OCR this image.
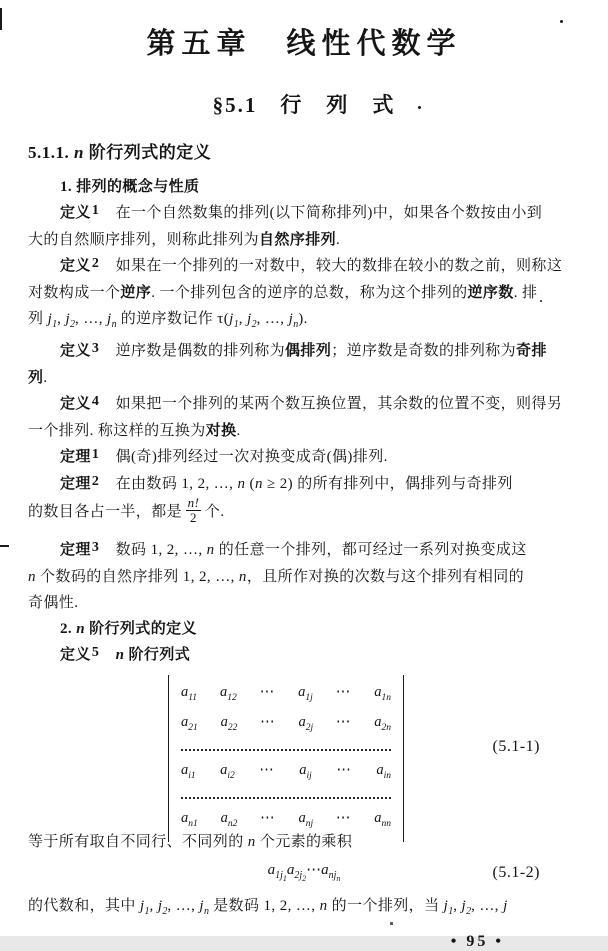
第五章　线性代数学
§5.1　行　列　式
5.1.1. n 阶行列式的定义
1. 排列的概念与性质
定义1　在一个自然数集的排列(以下简称排列)中，如果各个数按由小到
大的自然顺序排列，则称此排列为自然序排列.
定义2　如果在一个排列的一对数中，较大的数排在较小的数之前，则称这
对数构成一个逆序. 一个排列包含的逆序的总数，称为这个排列的逆序数. 排
列 $j_1$, $j_2$, …, $j_n$ 的逆序数记作 $\tau(j_1$, $j_2$, …, $j_n$).
定义3　逆序数是偶数的排列称为偶排列；逆序数是奇数的排列称为奇排
列.
定义4　如果把一个排列的某两个数互换位置，其余数的位置不变，则得另
一个排列. 称这样的互换为对换.
定理1　偶(奇)排列经过一次对换变成奇(偶)排列.
定理2　在由数码 1, 2, …, n (n ≥ 2) 的所有排列中，偶排列与奇排列
的数目各占一半，都是 $\frac{n!}{2}$ 个.
定理3　数码 1, 2, …, n 的任意一个排列，都可经过一系列对换变成这
n 个数码的自然序排列 1, 2, …, n，且所作对换的次数与这个排列有相同的
奇偶性.
2. n 阶行列式的定义
定义5　 n 阶行列式
$a_{11}$ $a_{12}$ ⋯ $a_{1j}$ ⋯ $a_{1n}$
$a_{21}$ $a_{22}$ ⋯ $a_{2j}$ ⋯ $a_{2n}$
$a_{i1}$ $a_{i2}$ ⋯ $a_{ij}$ ⋯ $a_{in}$
$a_{n1}$ $a_{n2}$ ⋯ $a_{nj}$ ⋯ $a_{nn}$
(5.1-1)
等于所有取自不同行、不同列的 n 个元素的乘积
$a_{1j1}a_{2j2}\cdots a_{njn}$	(5.1-2)
的代数和，其中 $j_1$, $j_2$, …, $j_n$ 是数码 1, 2, …, n 的一个排列，当 $j_1$, $j_2$, …, j
• 95 •
